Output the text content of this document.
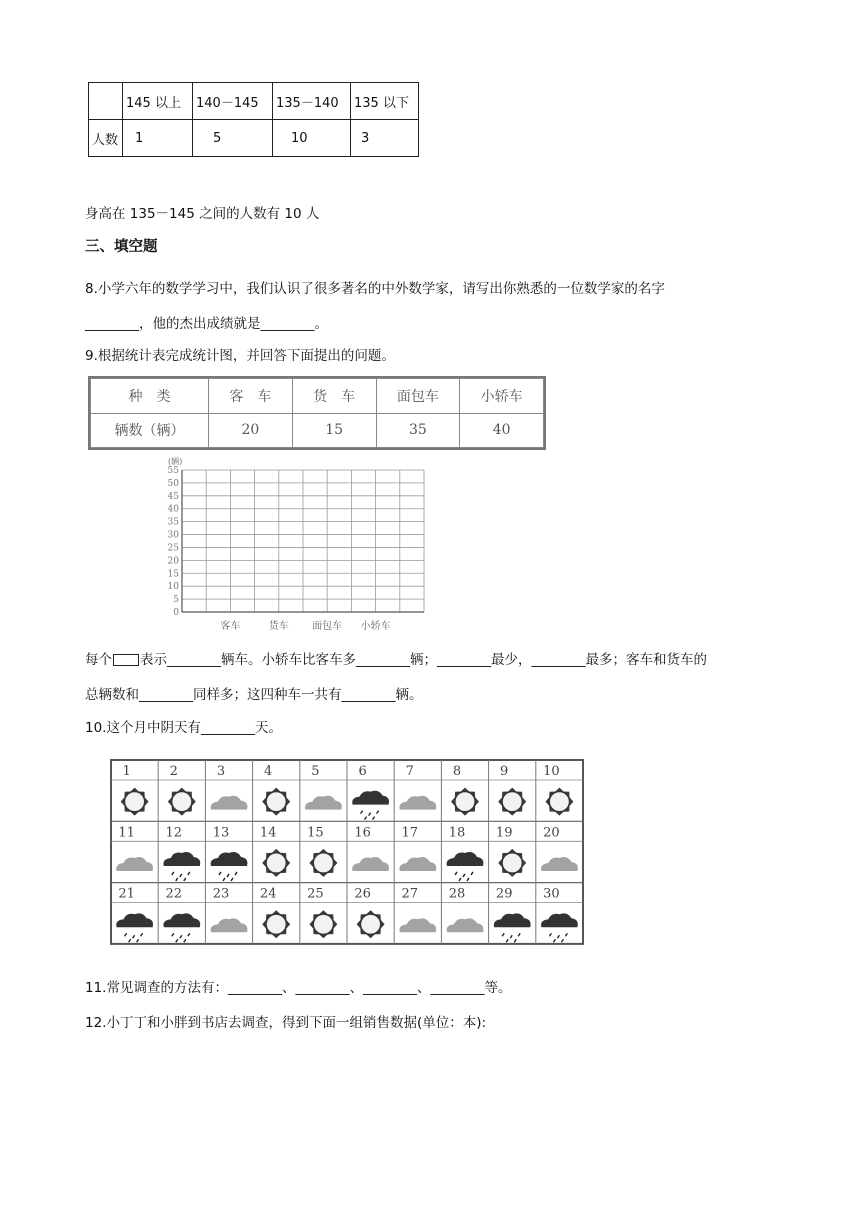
	145 以上	140－145	135－140	135 以下
人数	1	5	10	3
身高在 135－145 之间的人数有 10 人
三、填空题
8.小学六年的数学学习中，我们认识了很多著名的中外数学家，请写出你熟悉的一位数学家的名字
________，他的杰出成绩就是________。
9.根据统计表完成统计图，并回答下面提出的问题。
种　类	客　车	货　车	面包车	小轿车
辆数（辆）	20	15	35	40
(辆)
0
5
10
15
20
25
30
35
40
45
50
55
客车	货车 面包车 小轿车
每个 表示________辆车。小轿车比客车多________辆；________最少，________最多；客车和货车的
总辆数和________同样多；这四种车一共有________辆。
10.这个月中阴天有________天。
1	2	3	4	5	6	7	8	9	10
11 12 13 14 15 16 17 18 19 20
21 22 23 24 25 26 27 28 29 30
11.常见调查的方法有：________、________、________、________等。
12.小丁丁和小胖到书店去调查，得到下面一组销售数据(单位：本):
